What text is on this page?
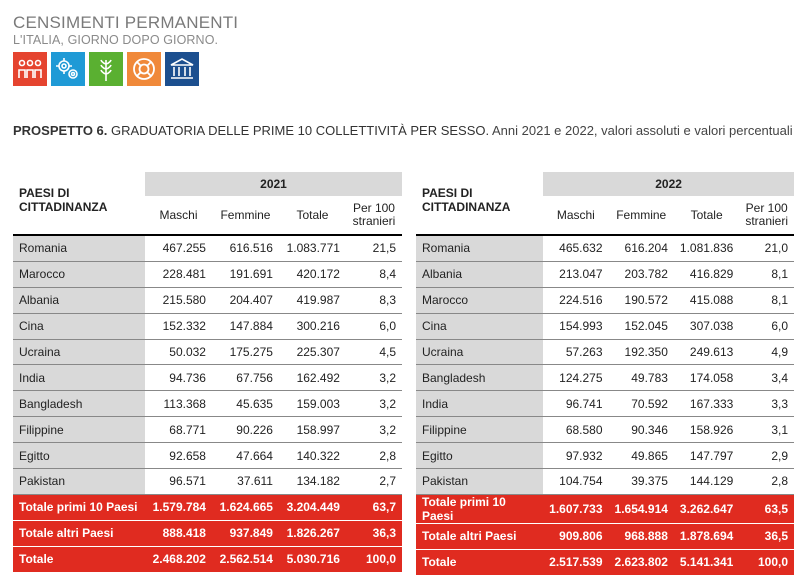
CENSIMENTI PERMANENTI
L'ITALIA, GIORNO DOPO GIORNO.
PROSPETTO 6. GRADUATORIA DELLE PRIME 10 COLLETTIVITÀ PER SESSO. Anni 2021 e 2022, valori assoluti e valori percentuali
PAESI DI CITTADINANZA	2021			
	Maschi	Femmine	Totale	Per 100
stranieri
Romania	467.255	616.516	1.083.771	21,5
Marocco	228.481	191.691	420.172	8,4
Albania	215.580	204.407	419.987	8,3
Cina	152.332	147.884	300.216	6,0
Ucraina	50.032	175.275	225.307	4,5
India	94.736	67.756	162.492	3,2
Bangladesh	113.368	45.635	159.003	3,2
Filippine	68.771	90.226	158.997	3,2
Egitto	92.658	47.664	140.322	2,8
Pakistan	96.571	37.611	134.182	2,7
Totale primi 10 Paesi	1.579.784	1.624.665	3.204.449	63,7
Totale altri Paesi	888.418	937.849	1.826.267	36,3
Totale	2.468.202	2.562.514	5.030.716	100,0
PAESI DI CITTADINANZA	2022			
	Maschi	Femmine	Totale	Per 100
stranieri
Romania	465.632	616.204	1.081.836	21,0
Albania	213.047	203.782	416.829	8,1
Marocco	224.516	190.572	415.088	8,1
Cina	154.993	152.045	307.038	6,0
Ucraina	57.263	192.350	249.613	4,9
Bangladesh	124.275	49.783	174.058	3,4
India	96.741	70.592	167.333	3,3
Filippine	68.580	90.346	158.926	3,1
Egitto	97.932	49.865	147.797	2,9
Pakistan	104.754	39.375	144.129	2,8
Totale primi 10 Paesi	1.607.733	1.654.914	3.262.647	63,5
Totale altri Paesi	909.806	968.888	1.878.694	36,5
Totale	2.517.539	2.623.802	5.141.341	100,0
